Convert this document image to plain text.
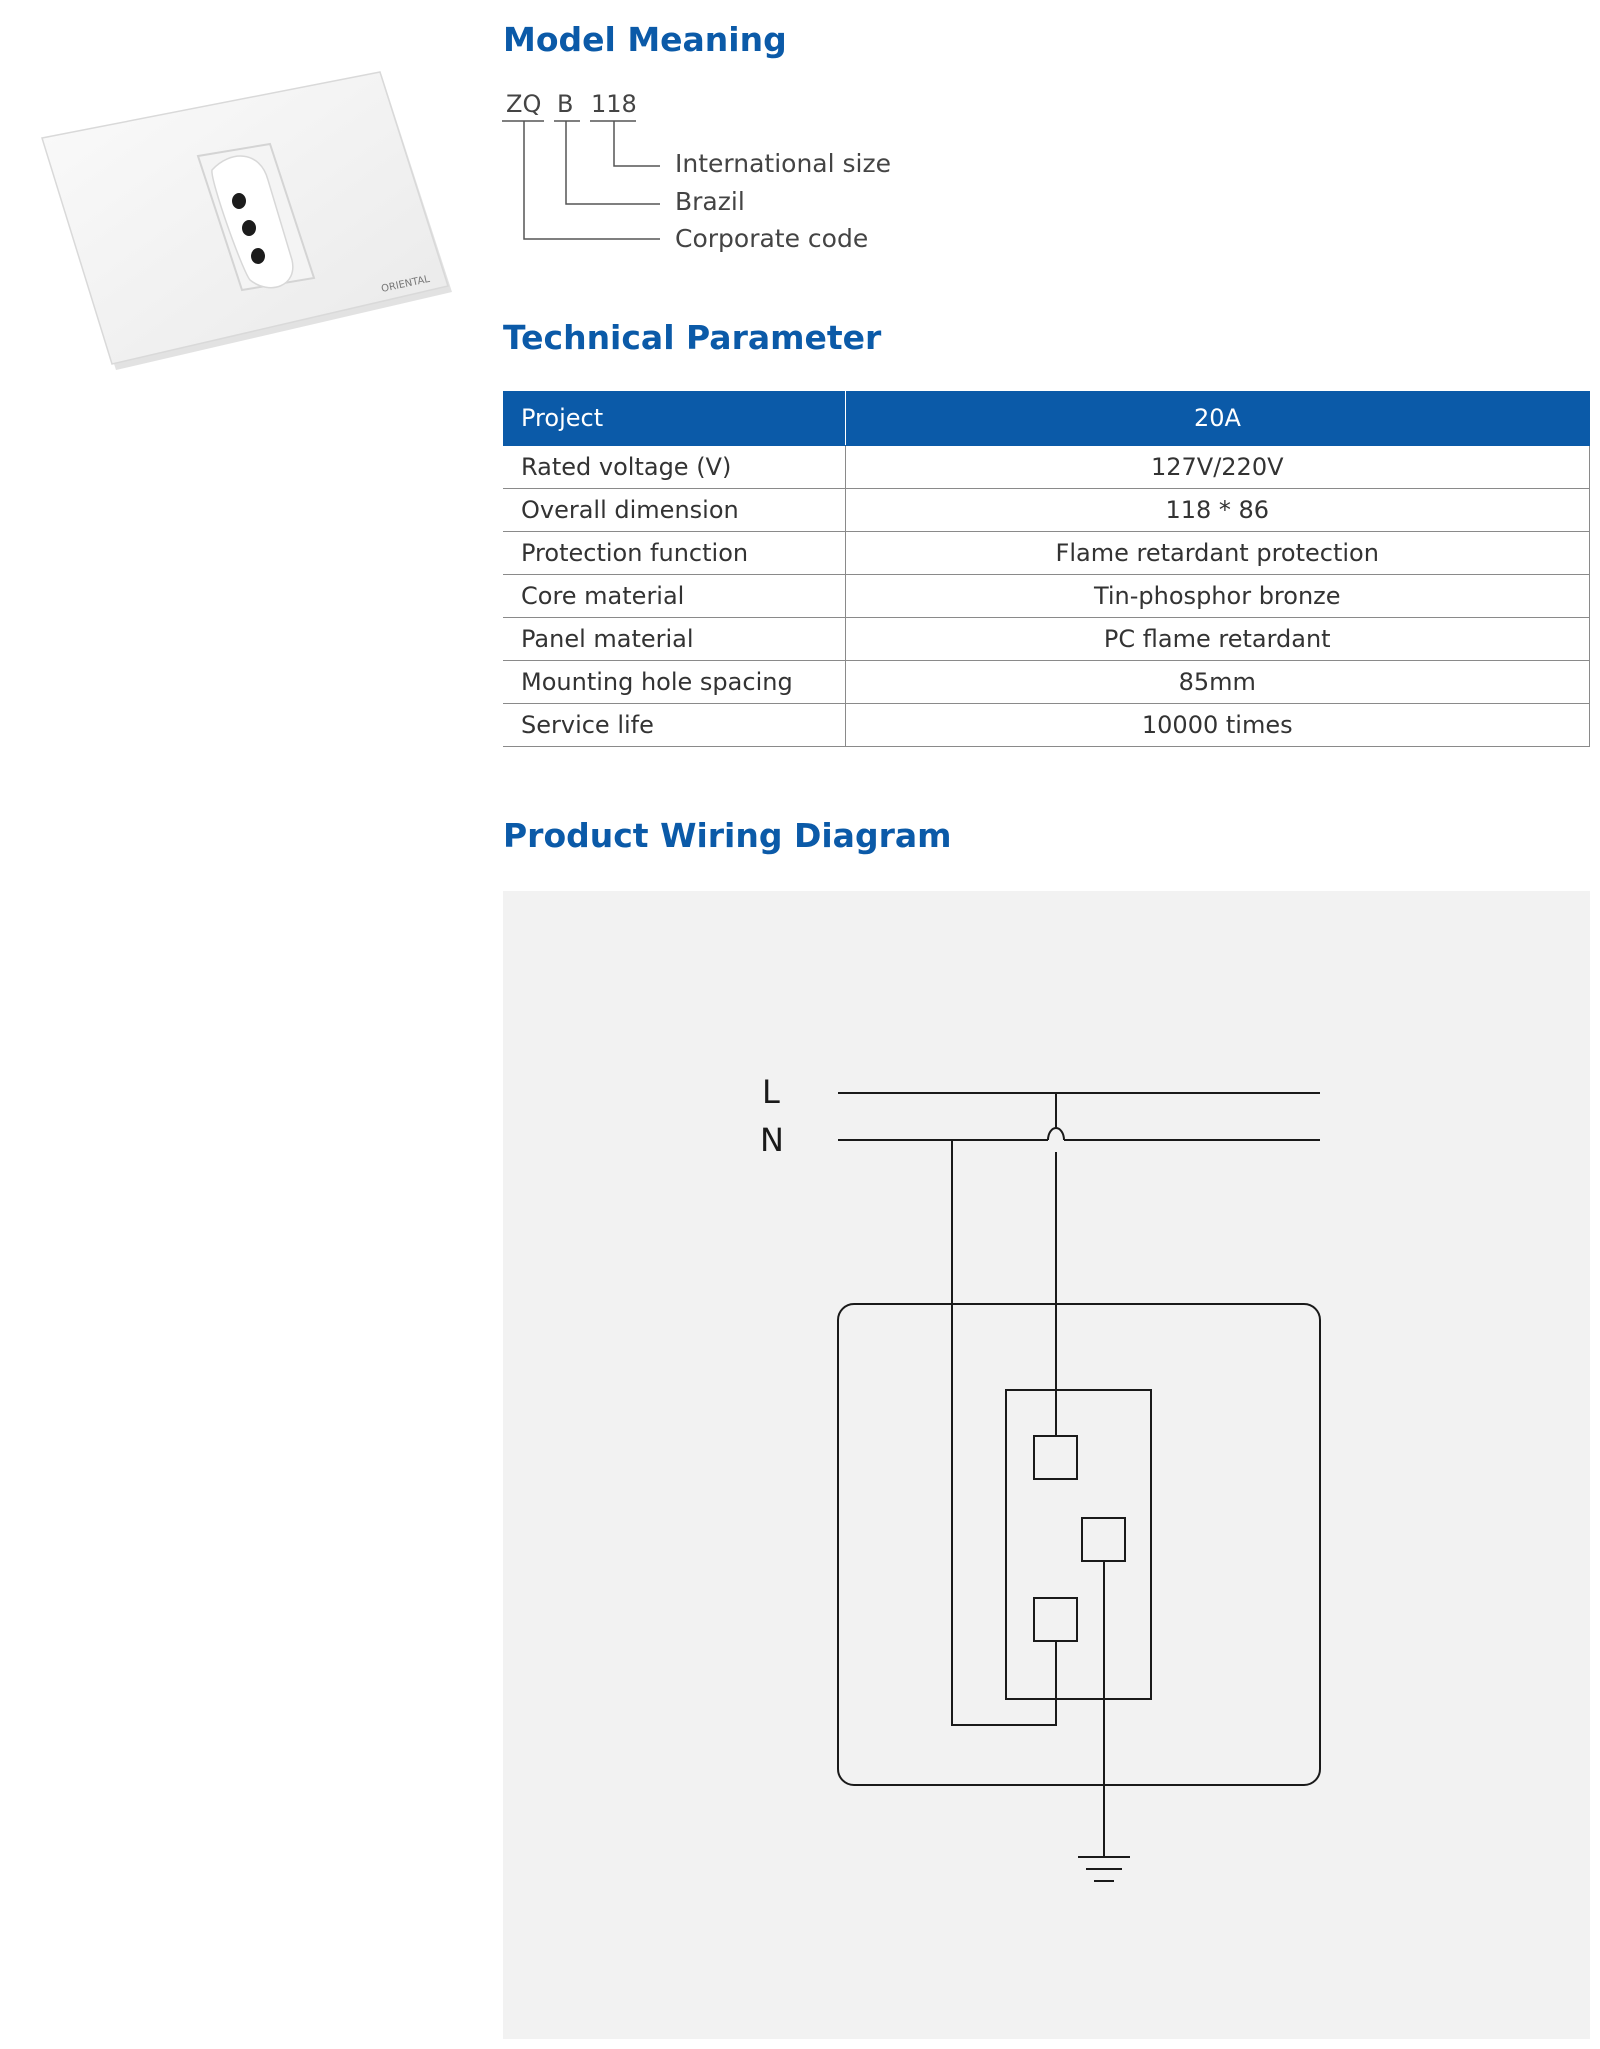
ORIENTAL
Model Meaning
ZQ B 118
International size
Brazil
Corporate code
Technical Parameter
Project	20A
Rated voltage (V)	127V/220V
Overall dimension	118 * 86
Protection function	Flame retardant protection
Core material	Tin-phosphor bronze
Panel material	PC flame retardant
Mounting hole spacing	85mm
Service life	10000 times
Product Wiring Diagram
L
N
